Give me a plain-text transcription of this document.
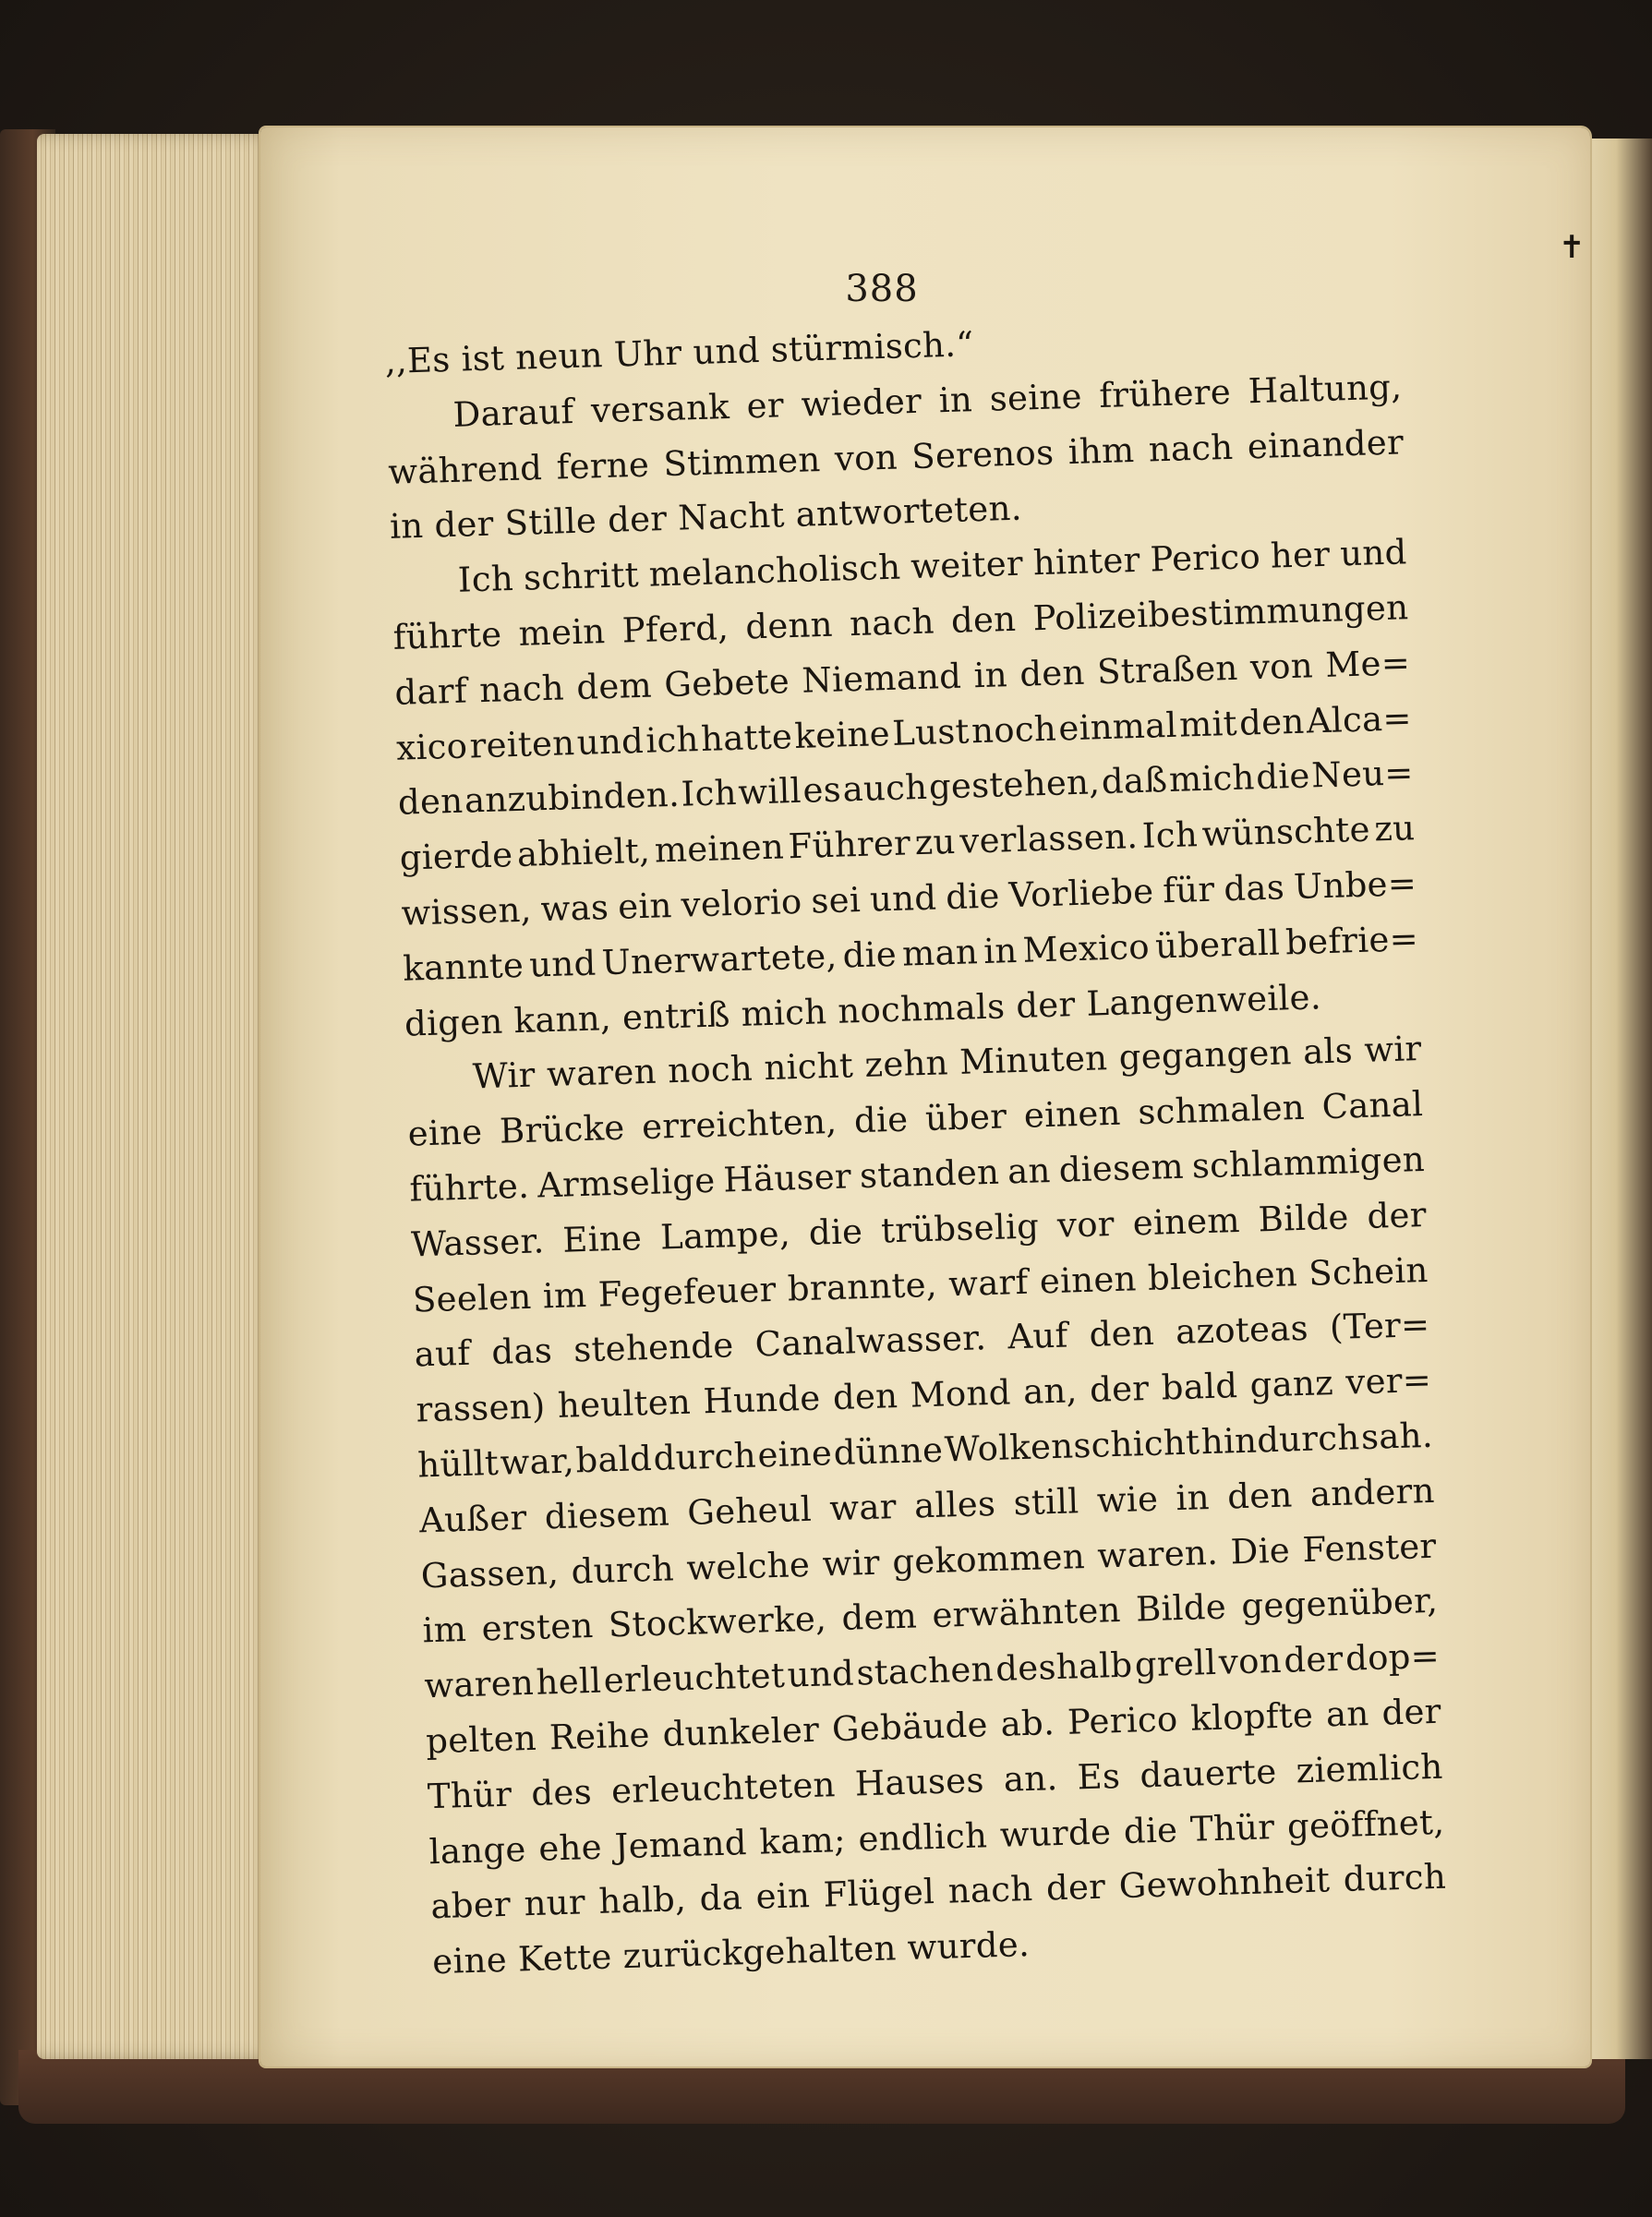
388
,,Es ist neun Uhr und stürmisch.“
Darauf versank er wieder in seine frühere Haltung,
während ferne Stimmen von Serenos ihm nach einander
in der Stille der Nacht antworteten.
Ich schritt melancholisch weiter hinter Perico her und
führte mein Pferd, denn nach den Polizeibestimmungen
darf nach dem Gebete Niemand in den Straßen von Me=
xico reiten und ich hatte keine Lust noch einmal mit den Alca=
den anzubinden. Ich will es auch gestehen, daß mich die Neu=
gierde abhielt, meinen Führer zu verlassen. Ich wünschte zu
wissen, was ein velorio sei und die Vorliebe für das Unbe=
kannte und Unerwartete, die man in Mexico überall befrie=
digen kann, entriß mich nochmals der Langenweile.
Wir waren noch nicht zehn Minuten gegangen als wir
eine Brücke erreichten, die über einen schmalen Canal
führte. Armselige Häuser standen an diesem schlammigen
Wasser. Eine Lampe, die trübselig vor einem Bilde der
Seelen im Fegefeuer brannte, warf einen bleichen Schein
auf das stehende Canalwasser. Auf den azoteas (Ter=
rassen) heulten Hunde den Mond an, der bald ganz ver=
hüllt war, bald durch eine dünne Wolkenschicht hindurch sah.
Außer diesem Geheul war alles still wie in den andern
Gassen, durch welche wir gekommen waren. Die Fenster
im ersten Stockwerke, dem erwähnten Bilde gegenüber,
waren hell erleuchtet und stachen deshalb grell von der dop=
pelten Reihe dunkeler Gebäude ab. Perico klopfte an der
Thür des erleuchteten Hauses an. Es dauerte ziemlich
lange ehe Jemand kam; endlich wurde die Thür geöffnet,
aber nur halb, da ein Flügel nach der Gewohnheit durch
eine Kette zurückgehalten wurde.
✝
